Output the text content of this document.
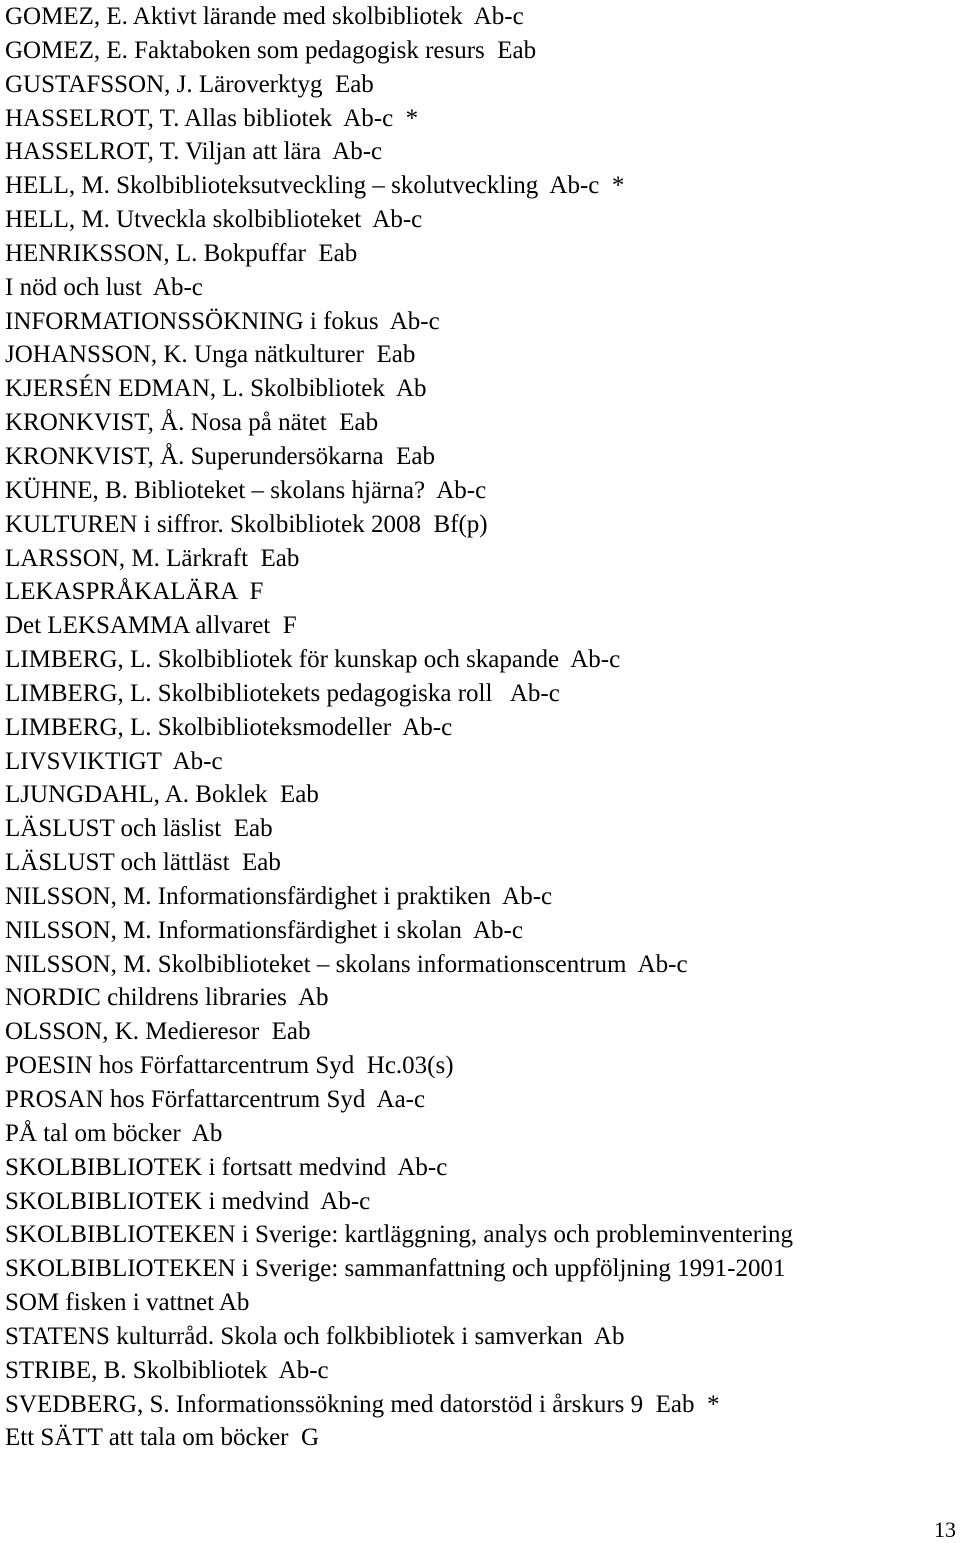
GOMEZ, E. Aktivt lärande med skolbibliotek  Ab-c
GOMEZ, E. Faktaboken som pedagogisk resurs  Eab
GUSTAFSSON, J. Läroverktyg  Eab
HASSELROT, T. Allas bibliotek  Ab-c  *
HASSELROT, T. Viljan att lära  Ab-c
HELL, M. Skolbiblioteksutveckling – skolutveckling  Ab-c  *
HELL, M. Utveckla skolbiblioteket  Ab-c
HENRIKSSON, L. Bokpuffar  Eab
I nöd och lust  Ab-c
INFORMATIONSSÖKNING i fokus  Ab-c
JOHANSSON, K. Unga nätkulturer  Eab
KJERSÉN EDMAN, L. Skolbibliotek  Ab
KRONKVIST, Å. Nosa på nätet  Eab
KRONKVIST, Å. Superundersökarna  Eab
KÜHNE, B. Biblioteket – skolans hjärna?  Ab-c
KULTUREN i siffror. Skolbibliotek 2008  Bf(p)
LARSSON, M. Lärkraft  Eab
LEKASPRÅKALÄRA  F
Det LEKSAMMA allvaret  F
LIMBERG, L. Skolbibliotek för kunskap och skapande  Ab-c
LIMBERG, L. Skolbibliotekets pedagogiska roll   Ab-c
LIMBERG, L. Skolbiblioteksmodeller  Ab-c
LIVSVIKTIGT  Ab-c
LJUNGDAHL, A. Boklek  Eab
LÄSLUST och läslist  Eab
LÄSLUST och lättläst  Eab
NILSSON, M. Informationsfärdighet i praktiken  Ab-c
NILSSON, M. Informationsfärdighet i skolan  Ab-c
NILSSON, M. Skolbiblioteket – skolans informationscentrum  Ab-c
NORDIC childrens libraries  Ab
OLSSON, K. Medieresor  Eab
POESIN hos Författarcentrum Syd  Hc.03(s)
PROSAN hos Författarcentrum Syd  Aa-c
PÅ tal om böcker  Ab
SKOLBIBLIOTEK i fortsatt medvind  Ab-c
SKOLBIBLIOTEK i medvind  Ab-c
SKOLBIBLIOTEKEN i Sverige: kartläggning, analys och probleminventering
SKOLBIBLIOTEKEN i Sverige: sammanfattning och uppföljning 1991-2001
SOM fisken i vattnet Ab
STATENS kulturråd. Skola och folkbibliotek i samverkan  Ab
STRIBE, B. Skolbibliotek  Ab-c
SVEDBERG, S. Informationssökning med datorstöd i årskurs 9  Eab  *
Ett SÄTT att tala om böcker  G
13
